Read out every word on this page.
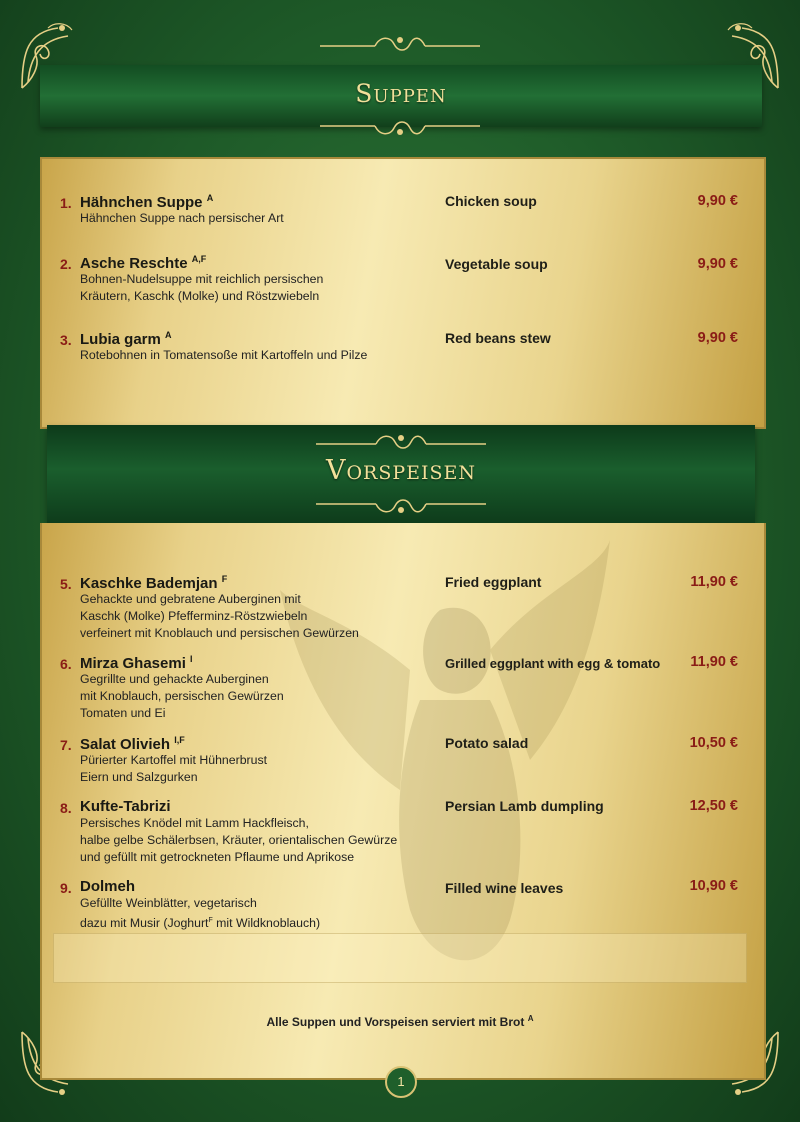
Suppen
1. Hähnchen Suppe $^A$
Hähnchen Suppe nach persischer Art
Chicken soup	9,90 €
2. Asche Reschte $^{A,F}$
Bohnen-Nudelsuppe mit reichlich persischen
Kräutern, Kaschk (Molke) und Röstzwiebeln
Vegetable soup	9,90 €
3. Lubia garm $^A$
Rotebohnen in Tomatensoße mit Kartoffeln und Pilze
Red beans stew	9,90 €
Vorspeisen
5. Kaschke Bademjan $^F$
Gehackte und gebratene Auberginen mit
Kaschk (Molke) Pfefferminz-Röstzwiebeln
verfeinert mit Knoblauch und persischen Gewürzen
Fried eggplant	11,90 €
6. Mirza Ghasemi $^I$
Gegrillte und gehackte Auberginen
mit Knoblauch, persischen Gewürzen
Tomaten und Ei
Grilled eggplant with egg & tomato 11,90 €
7. Salat Olivieh $^{I,F}$
Pürierter Kartoffel mit Hühnerbrust
Eiern und Salzgurken
Potato salad	10,50 €
8. Kufte-Tabrizi
Persisches Knödel mit Lamm Hackfleisch,
halbe gelbe Schälerbsen, Kräuter, orientalischen Gewürze
und gefüllt mit getrockneten Pflaume und Aprikose
Persian Lamb dumpling	12,50 €
9. Dolmeh
Gefüllte Weinblätter, vegetarisch
dazu mit Musir (Joghurt$^F$ mit Wildknoblauch)
Filled wine leaves	10,90 €
Alle Suppen und Vorspeisen serviert mit Brot $^A$
1
